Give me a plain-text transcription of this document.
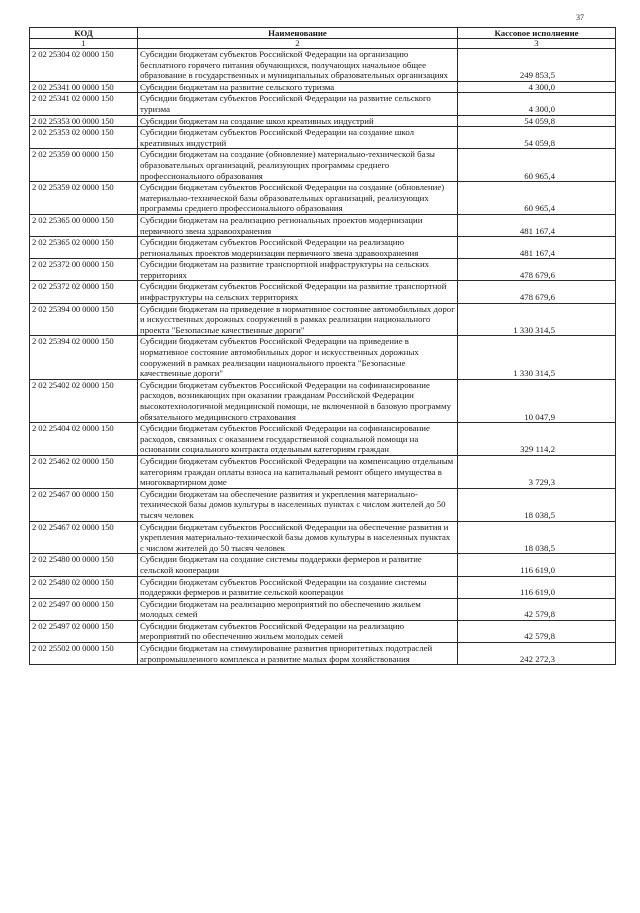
37
КОД	Наименование	Кассовое исполнение
1	2	3
2 02 25304 02 0000 150	Субсидии бюджетам субъектов Российской Федерации на организацию бесплатного горячего питания обучающихся, получающих начальное общее образование в государственных и муниципальных образовательных организациях	249 853,5
2 02 25341 00 0000 150	Субсидии бюджетам на развитие сельского туризма	4 300,0
2 02 25341 02 0000 150	Субсидии бюджетам субъектов Российской Федерации на развитие сельского туризма	4 300,0
2 02 25353 00 0000 150	Субсидии бюджетам на создание школ креативных индустрий	54 059,8
2 02 25353 02 0000 150	Субсидии бюджетам субъектов Российской Федерации на создание школ креативных индустрий	54 059,8
2 02 25359 00 0000 150	Субсидии бюджетам на создание (обновление) материально-технической базы образовательных организаций, реализующих программы среднего профессионального образования	60 965,4
2 02 25359 02 0000 150	Субсидии бюджетам субъектов Российской Федерации на создание (обновление) материально-технической базы образовательных организаций, реализующих программы среднего профессионального образования	60 965,4
2 02 25365 00 0000 150	Субсидии бюджетам на реализацию региональных проектов модернизации первичного звена здравоохранения	481 167,4
2 02 25365 02 0000 150	Субсидии бюджетам субъектов Российской Федерации на реализацию региональных проектов модернизации первичного звена здравоохранения	481 167,4
2 02 25372 00 0000 150	Субсидии бюджетам на развитие транспортной инфраструктуры на сельских территориях	478 679,6
2 02 25372 02 0000 150	Субсидии бюджетам субъектов Российской Федерации на развитие транспортной инфраструктуры на сельских территориях	478 679,6
2 02 25394 00 0000 150	Субсидии бюджетам на приведение в нормативное состояние автомобильных дорог и искусственных дорожных сооружений в рамках реализации национального проекта "Безопасные качественные дороги"	1 330 314,5
2 02 25394 02 0000 150	Субсидии бюджетам субъектов Российской Федерации на приведение в нормативное состояние автомобильных дорог и искусственных дорожных сооружений в рамках реализации национального проекта "Безопасные качественные дороги"	1 330 314,5
2 02 25402 02 0000 150	Субсидии бюджетам субъектов Российской Федерации на софинансирование расходов, возникающих при оказании гражданам Российской Федерации высокотехнологичной медицинской помощи, не включенной в базовую программу обязательного медицинского страхования	10 047,9
2 02 25404 02 0000 150	Субсидии бюджетам субъектов Российской Федерации на софинансирование расходов, связанных с оказанием государственной социальной помощи на основании социального контракта отдельным категориям граждан	329 114,2
2 02 25462 02 0000 150	Субсидии бюджетам субъектов Российской Федерации на компенсацию отдельным категориям граждан оплаты взноса на капитальный ремонт общего имущества в многоквартирном доме	3 729,3
2 02 25467 00 0000 150	Субсидии бюджетам на обеспечение развития и укрепления материально-технической базы домов культуры в населенных пунктах с числом жителей до 50 тысяч человек	18 038,5
2 02 25467 02 0000 150	Субсидии бюджетам субъектов Российской Федерации на обеспечение развития и укрепления материально-технической базы домов культуры в населенных пунктах с числом жителей до 50 тысяч человек	18 038,5
2 02 25480 00 0000 150	Субсидии бюджетам на создание системы поддержки фермеров и развитие сельской кооперации	116 619,0
2 02 25480 02 0000 150	Субсидии бюджетам субъектов Российской Федерации на создание системы поддержки фермеров и развитие сельской кооперации	116 619,0
2 02 25497 00 0000 150	Субсидии бюджетам на реализацию мероприятий по обеспечению жильем молодых семей	42 579,8
2 02 25497 02 0000 150	Субсидии бюджетам субъектов Российской Федерации на реализацию мероприятий по обеспечению жильем молодых семей	42 579,8
2 02 25502 00 0000 150	Субсидии бюджетам на стимулирование развития приоритетных подотраслей агропромышленного комплекса и развитие малых форм хозяйствования	242 272,3
